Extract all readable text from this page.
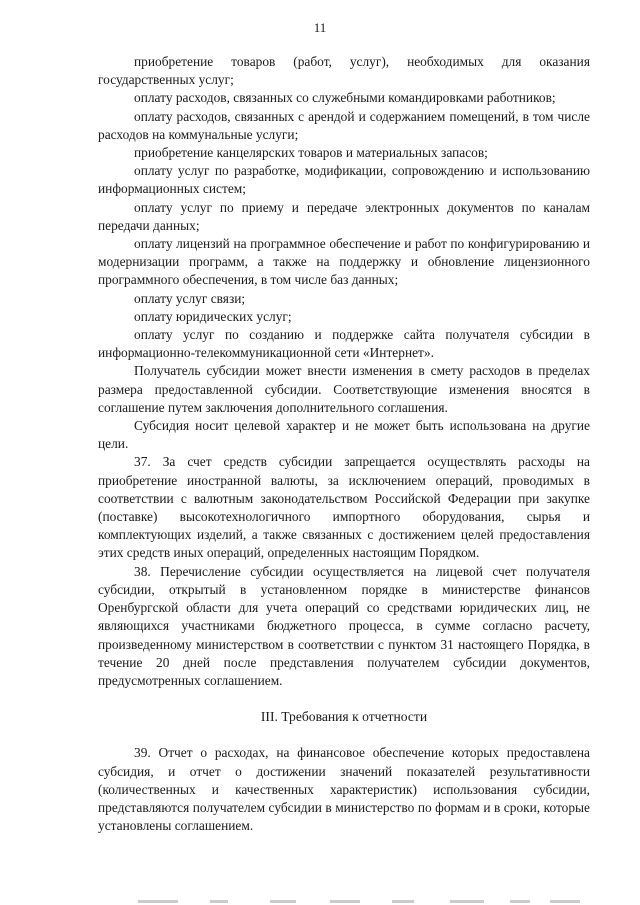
11

приобретение товаров (работ, услуг), необходимых для оказания государственных услуг;

оплату расходов, связанных со служебными командировками работников;

оплату расходов, связанных с арендой и содержанием помещений, в том числе расходов на коммунальные услуги;

приобретение канцелярских товаров и материальных запасов;

оплату услуг по разработке, модификации, сопровождению и использованию информационных систем;

оплату услуг по приему и передаче электронных документов по каналам передачи данных;

оплату лицензий на программное обеспечение и работ по конфигурированию и модернизации программ, а также на поддержку и обновление лицензионного программного обеспечения, в том числе баз данных;

оплату услуг связи;

оплату юридических услуг;

оплату услуг по созданию и поддержке сайта получателя субсидии в информационно-телекоммуникационной сети «Интернет».

Получатель субсидии может внести изменения в смету расходов в пределах размера предоставленной субсидии. Соответствующие изменения вносятся в соглашение путем заключения дополнительного соглашения.

Субсидия носит целевой характер и не может быть использована на другие цели.

37. За счет средств субсидии запрещается осуществлять расходы на приобретение иностранной валюты, за исключением операций, проводимых в соответствии с валютным законодательством Российской Федерации при закупке (поставке) высокотехнологичного импортного оборудования, сырья и комплектующих изделий, а также связанных с достижением целей предоставления этих средств иных операций, определенных настоящим Порядком.

38. Перечисление субсидии осуществляется на лицевой счет получателя субсидии, открытый в установленном порядке в министерстве финансов Оренбургской области для учета операций со средствами юридических лиц, не являющихся участниками бюджетного процесса, в сумме согласно расчету, произведенному министерством в соответствии с пунктом 31 настоящего Порядка, в течение 20 дней после представления получателем субсидии документов, предусмотренных соглашением.

III. Требования к отчетности

39. Отчет о расходах, на финансовое обеспечение которых предоставлена субсидия, и отчет о достижении значений показателей результативности (количественных и качественных характеристик) использования субсидии, представляются получателем субсидии в министерство по формам и в сроки, которые установлены соглашением.
